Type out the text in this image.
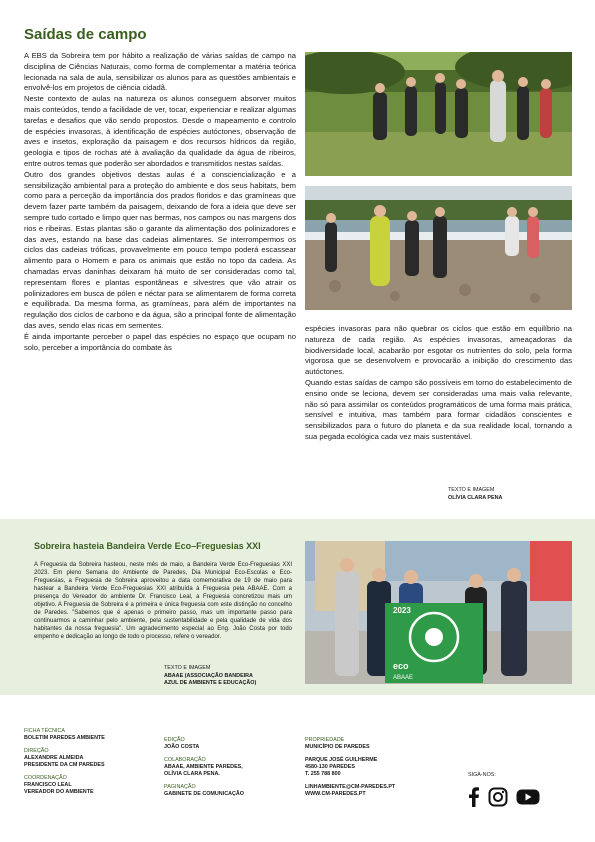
Saídas de campo

A EBS da Sobreira tem por hábito a realização de várias saídas de campo na disciplina de Ciências Naturais, como forma de complementar a matéria teórica lecionada na sala de aula, sensibilizar os alunos para as questões ambientais e envolvê-los em projetos de ciência cidadã.
Neste contexto de aulas na natureza os alunos conseguem absorver muitos mais conteúdos, tendo a facilidade de ver, tocar, experienciar e realizar algumas tarefas e desafios que vão sendo propostos. Desde o mapeamento e controlo de espécies invasoras, à identificação de espécies autóctones, observação de aves e insetos, exploração da paisagem e dos recursos hídricos da região, geologia e tipos de rochas até à avaliação da qualidade da água de ribeiros, entre outros temas que poderão ser abordados e transmitidos nestas saídas.
Outro dos grandes objetivos destas aulas é a consciencialização e a sensibilização ambiental para a proteção do ambiente e dos seus habitats, bem como para a perceção da importância dos prados floridos e das gramíneas que devem fazer parte também da paisagem, deixando de fora a ideia que deve ser sempre tudo cortado e limpo quer nas bermas, nos campos ou nas margens dos rios e ribeiras. Estas plantas são o garante da alimentação dos polinizadores e das aves, estando na base das cadeias alimentares. Se interrompermos os ciclos das cadeias tróficas, provavelmente em pouco tempo poderá escassear alimento para o Homem e para os animais que estão no topo da cadeia. As chamadas ervas daninhas deixaram há muito de ser consideradas como tal, representam flores e plantas espontâneas e silvestres que vão atrair os polinizadores em busca de pólen e néctar para se alimentarem de forma correta e equilibrada. Da mesma forma, as gramíneas, para além de importantes na regulação dos ciclos de carbono e da água, são a principal fonte de alimentação das aves, sendo elas ricas em sementes.
É ainda importante perceber o papel das espécies no espaço que ocupam no solo, perceber a importância do combate às

espécies invasoras para não quebrar os ciclos que estão em equilíbrio na natureza de cada região. As espécies invasoras, ameaçadoras da biodiversidade local, acabarão por esgotar os nutrientes do solo, pela forma vigorosa que se desenvolvem e provocarão a inibição do crescimento das autóctones.
Quando estas saídas de campo são possíveis em torno do estabelecimento de ensino onde se leciona, devem ser consideradas uma mais valia relevante, não só para assimilar os conteúdos programáticos de uma forma mais prática, sensível e intuitiva, mas também para formar cidadãos conscientes e sensibilizados para o futuro do planeta e da sua realidade local, tornando a sua pegada ecológica cada vez mais sustentável.

TEXTO E IMAGEM
OLÍVIA CLARA PENA
Sobreira hasteia Bandeira Verde Eco–Freguesias XXI

A Freguesia da Sobreira hasteou, neste mês de maio, a Bandeira Verde Eco-Freguesias XXI 2023. Em pleno Semana do Ambiente de Paredes, Dia Municipal Eco-Escolas e Eco-Freguesias, a Freguesia de Sobreira aproveitou a data comemorativa de 19 de maio para hastear a Bandeira Verde Eco-Freguesias XXI atribuída à Freguesia pela ABAAE. Com a presença do Vereador do ambiente Dr. Francisco Leal, a Freguesia concretizou mais um objetivo. A Freguesia de Sobreira é a primeira e única freguesia com este distinção no concelho de Paredes. "Sabemos que é apenas o primeiro passo, mas um importante passo para continuarmos a caminhar pelo ambiente, pela sustentabilidade e pela qualidade de vida dos habitantes da nossa freguesia". Um agradecimento especial ao Eng. João Costa por todo empenho e dedicação ao longo de todo o processo, refere o vereador.

TEXTO E IMAGEM
ABAAE (ASSOCIAÇÃO BANDEIRA
AZUL DE AMBIENTE E EDUCAÇÃO)
2023
eco
ABAAE
FICHA TÉCNICA
BOLETIM PAREDES AMBIENTE
DIREÇÃO
ALEXANDRE ALMEIDA
PRESIDENTE DA CM PAREDES
COORDENAÇÃO
FRANCISCO LEAL
VEREADOR DO AMBIENTE
EDIÇÃO
JOÃO COSTA
COLABORAÇÃO
ABAAE, AMBIENTE PAREDES,
OLÍVIA CLARA PENA.
PAGINAÇÃO
GABINETE DE COMUNICAÇÃO
PROPRIEDADE
MUNICÍPIO DE PAREDES
PARQUE JOSÉ GUILHERME
4580-130 PAREDES
T. 255 788 800
LINHAMBIENTE@CM-PAREDES.PT
WWW.CM-PAREDES.PT
SIGA-NOS:
